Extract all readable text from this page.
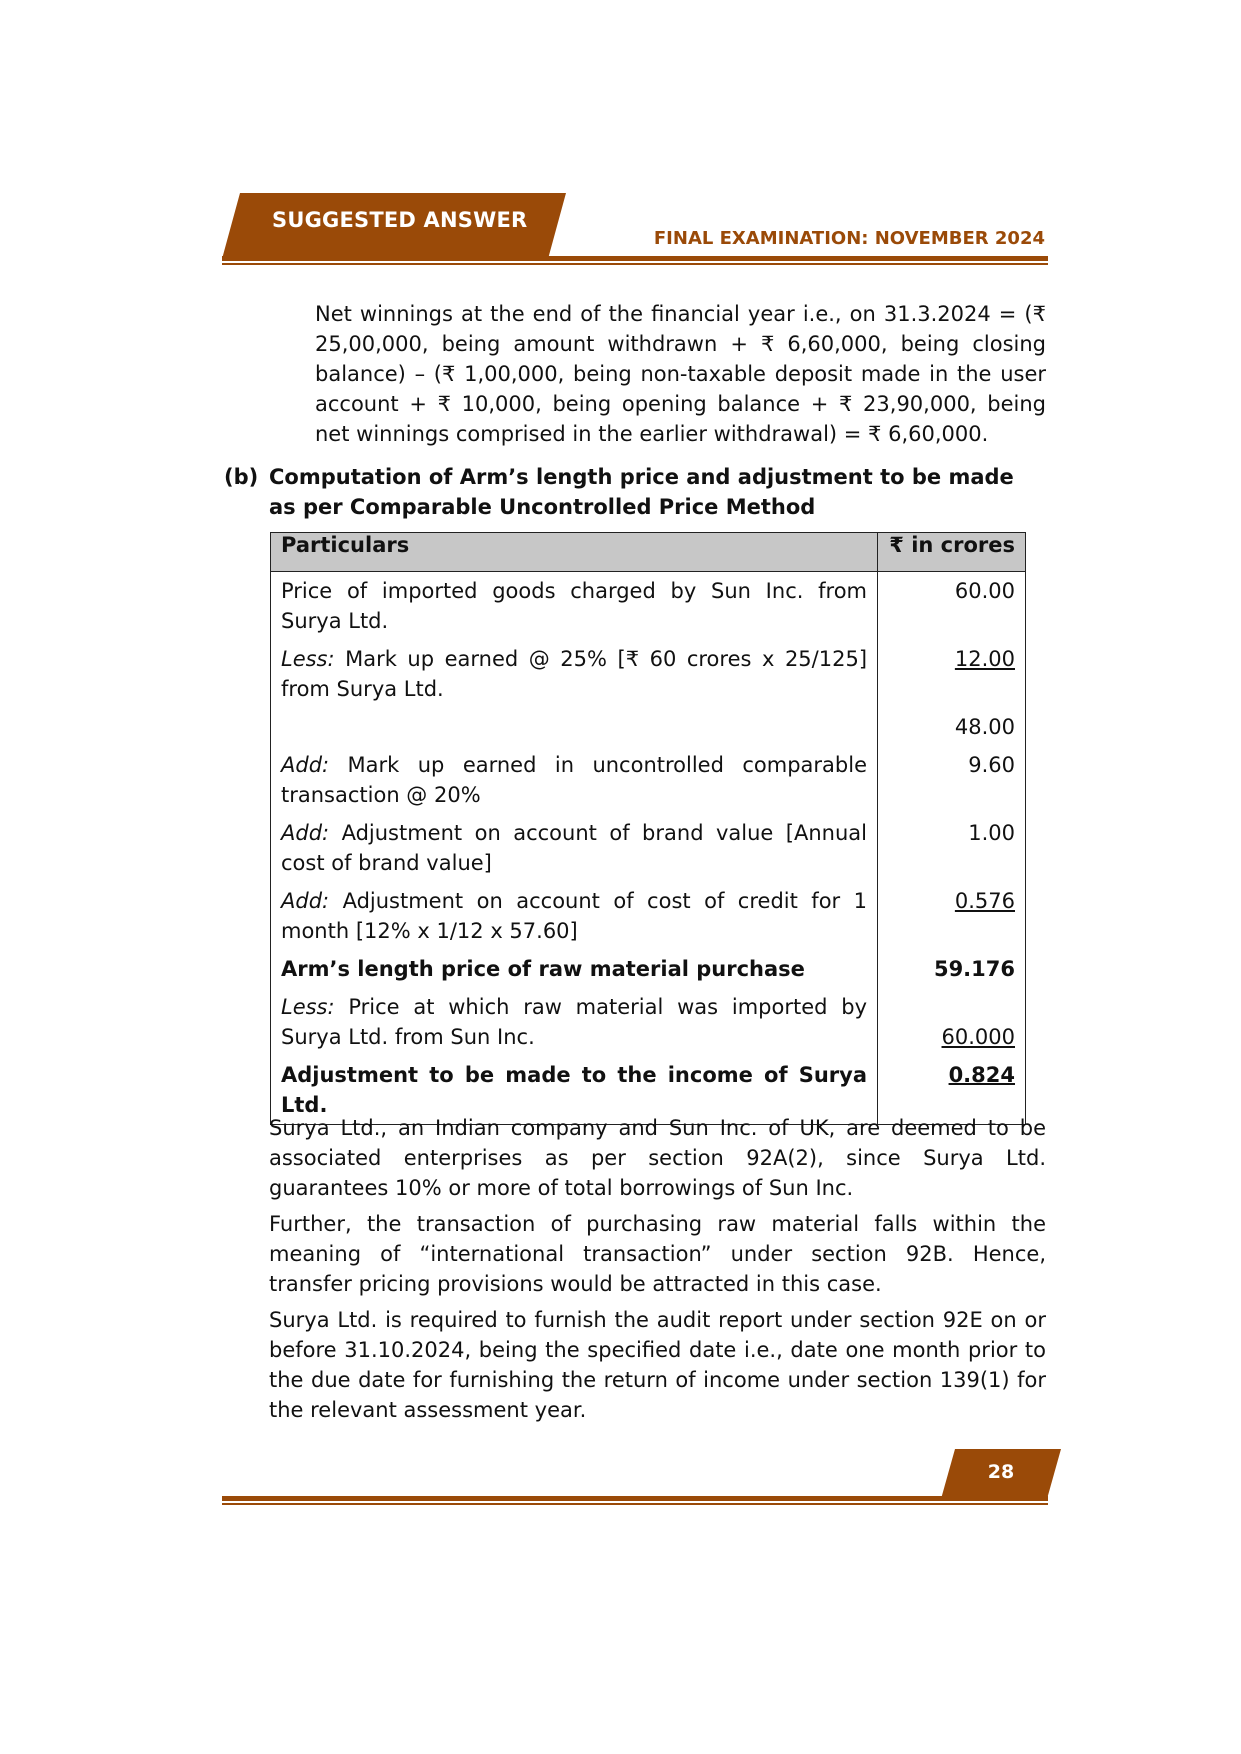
SUGGESTED ANSWER
FINAL EXAMINATION: NOVEMBER 2024
Net winnings at the end of the financial year i.e., on 31.3.2024 = (₹ 25,00,000, being amount withdrawn + ₹ 6,60,000, being closing balance) – (₹ 1,00,000, being non-taxable deposit made in the user account + ₹ 10,000, being opening balance + ₹ 23,90,000, being net winnings comprised in the earlier withdrawal) = ₹ 6,60,000.
(b) Computation of Arm’s length price and adjustment to be made as per Comparable Uncontrolled Price Method
Particulars	₹ in crores
Price of imported goods charged by Sun Inc. from Surya Ltd.	60.00
Less: Mark up earned @ 25% [₹ 60 crores x 25/125] from Surya Ltd.	12.00
	48.00
Add: Mark up earned in uncontrolled comparable transaction @ 20%	9.60
Add: Adjustment on account of brand value [Annual cost of brand value]	1.00
Add: Adjustment on account of cost of credit for 1 month [12% x 1/12 x 57.60]	0.576
Arm’s length price of raw material purchase	59.176
Less: Price at which raw material was imported by Surya Ltd. from Sun Inc.	60.000
Adjustment to be made to the income of Surya Ltd.	0.824
Surya Ltd., an Indian company and Sun Inc. of UK, are deemed to be associated enterprises as per section 92A(2), since Surya Ltd. guarantees 10% or more of total borrowings of Sun Inc.
Further, the transaction of purchasing raw material falls within the meaning of “international transaction” under section 92B. Hence, transfer pricing provisions would be attracted in this case.
Surya Ltd. is required to furnish the audit report under section 92E on or before 31.10.2024, being the specified date i.e., date one month prior to the due date for furnishing the return of income under section 139(1) for the relevant assessment year.
28
